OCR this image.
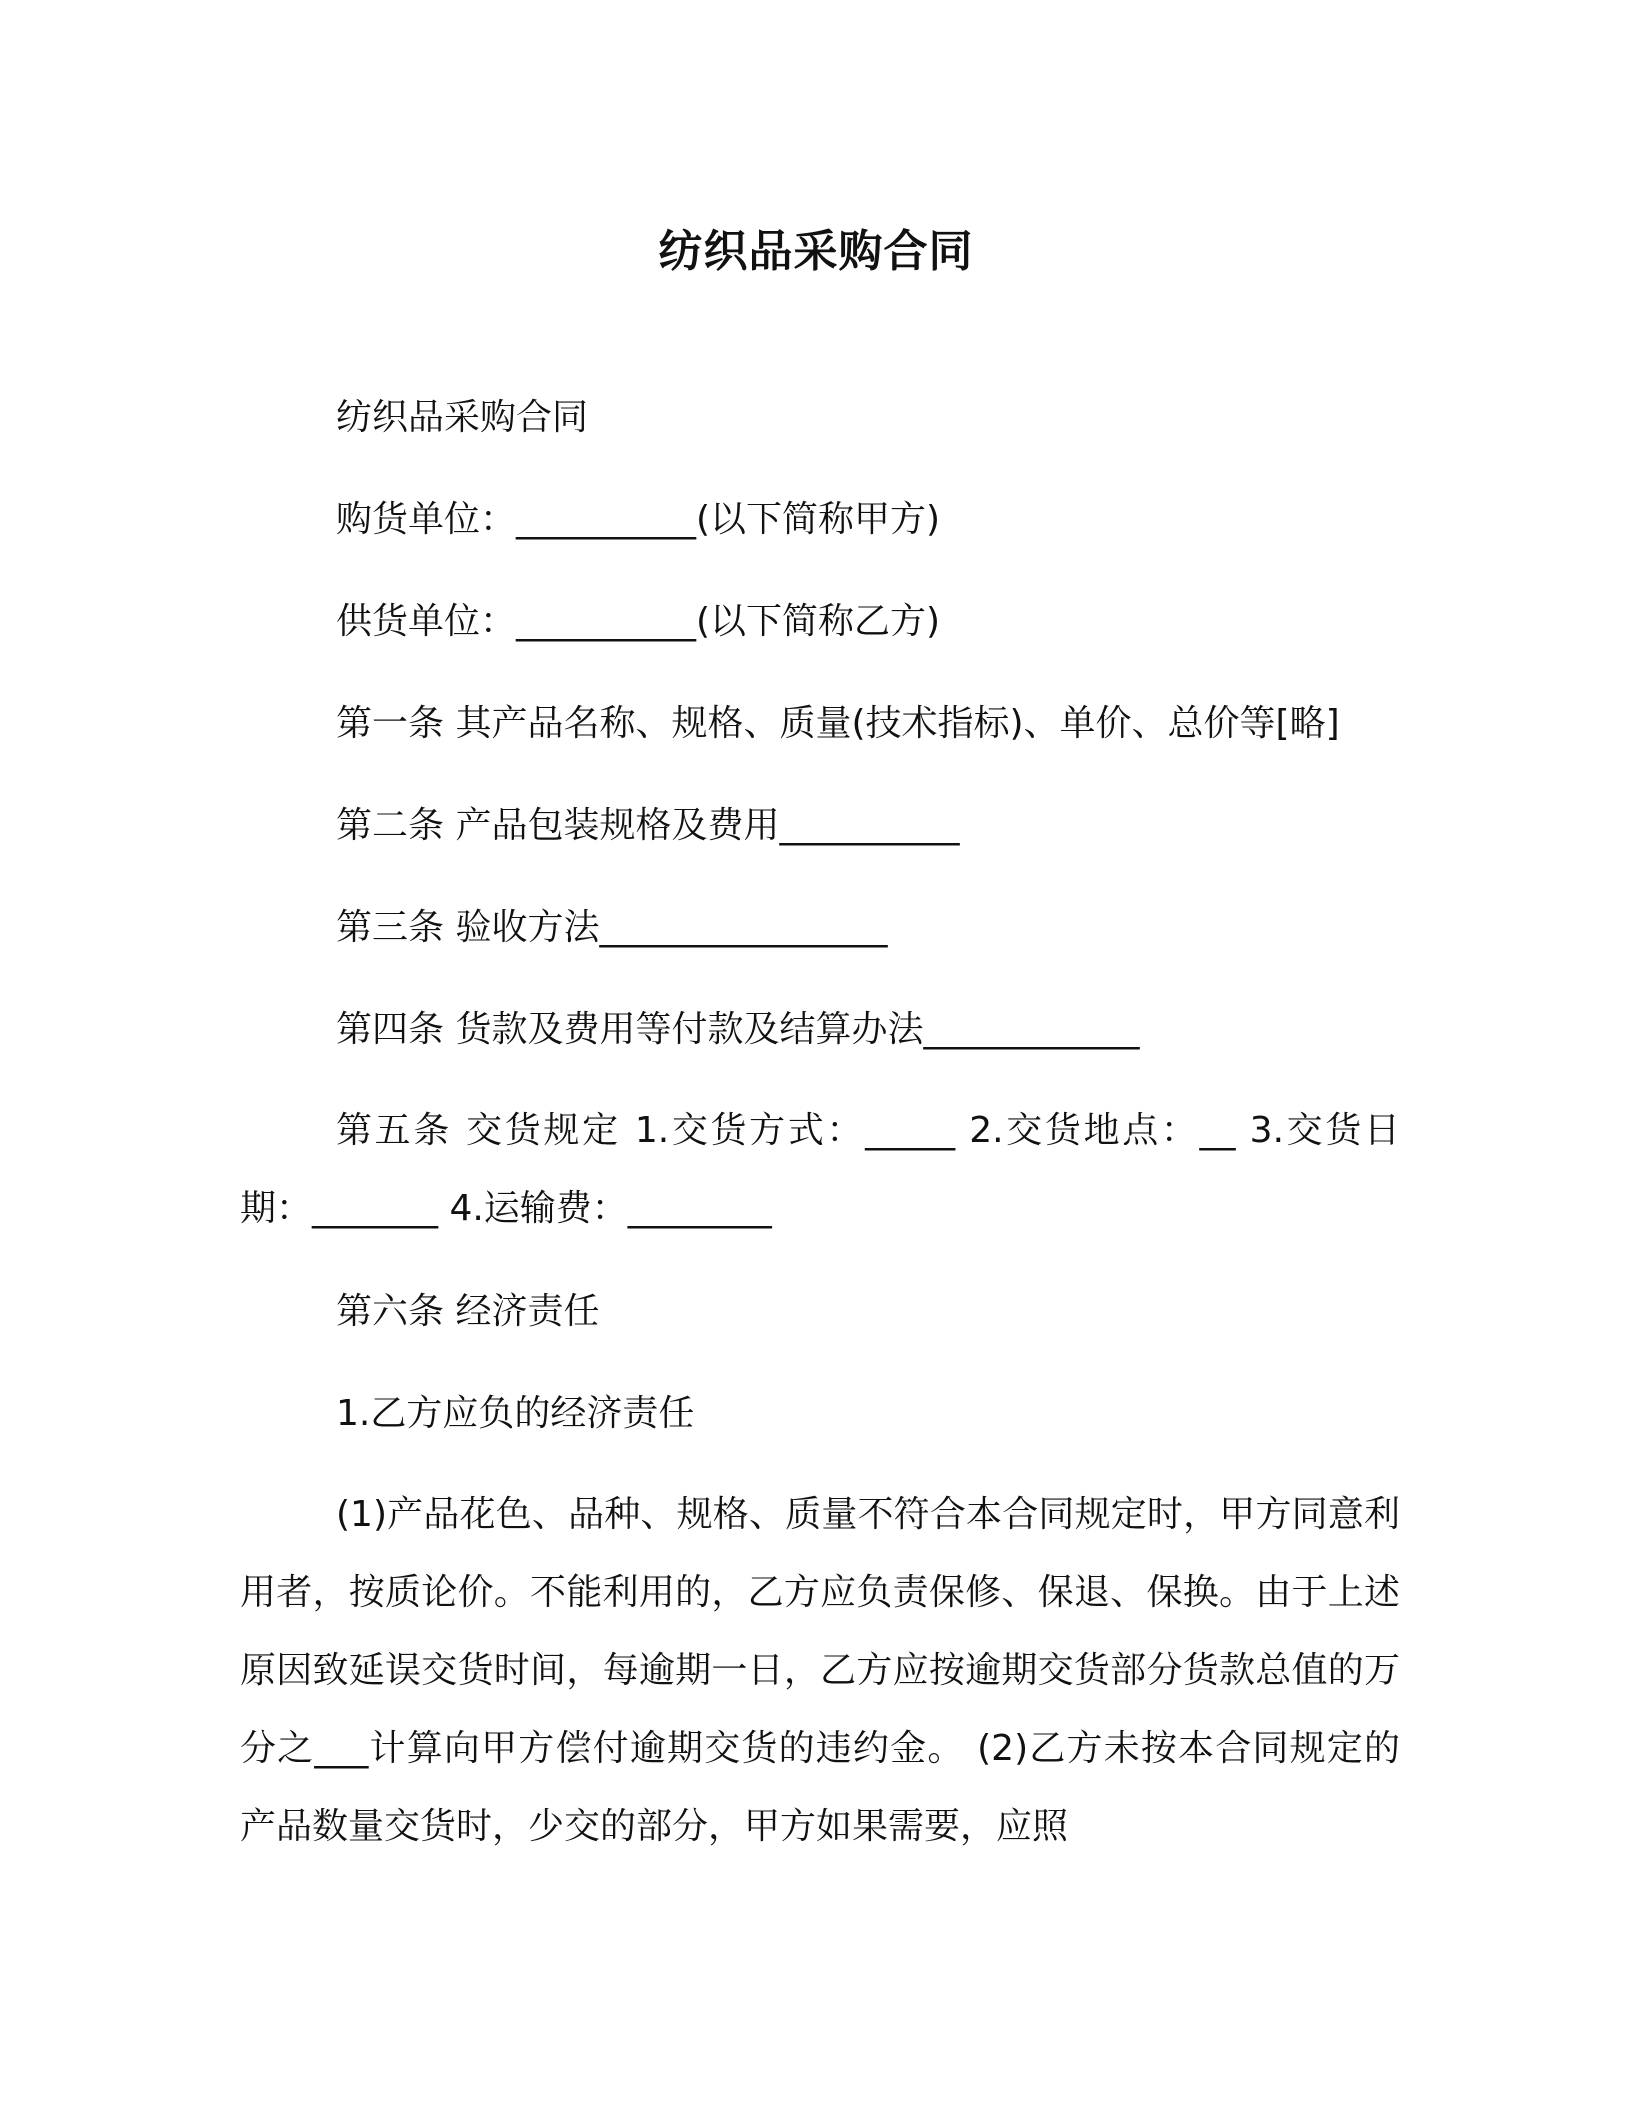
纺织品采购合同
纺织品采购合同
购货单位：__________(以下简称甲方)
供货单位：__________(以下简称乙方)
第一条 其产品名称、规格、质量(技术指标)、单价、总价等[略]
第二条 产品包装规格及费用__________
第三条 验收方法________________
第四条 货款及费用等付款及结算办法____________
第五条 交货规定 1.交货方式：_____ 2.交货地点：__ 3.交货日期：_______ 4.运输费：________
第六条 经济责任
1.乙方应负的经济责任
(1)产品花色、品种、规格、质量不符合本合同规定时，甲方同意利用者，按质论价。不能利用的，乙方应负责保修、保退、保换。由于上述原因致延误交货时间，每逾期一日，乙方应按逾期交货部分货款总值的万分之___计算向甲方偿付逾期交货的违约金。 (2)乙方未按本合同规定的产品数量交货时，少交的部分，甲方如果需要，应照
